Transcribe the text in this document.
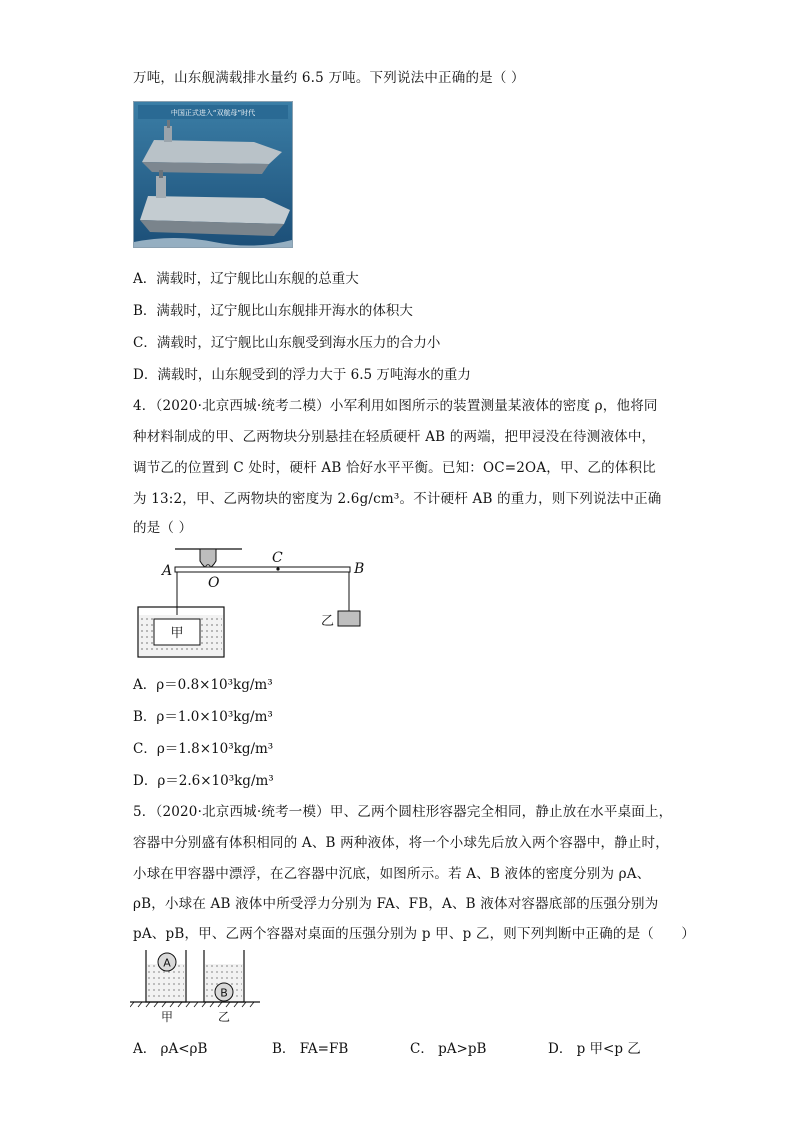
万吨，山东舰满载排水量约 6.5 万吨。下列说法中正确的是（ ）
中国正式进入“双航母”时代
A．满载时，辽宁舰比山东舰的总重大
B．满载时，辽宁舰比山东舰排开海水的体积大
C．满载时，辽宁舰比山东舰受到海水压力的合力小
D．满载时，山东舰受到的浮力大于 6.5 万吨海水的重力
4．（2020·北京西城·统考二模）小军利用如图所示的装置测量某液体的密度 ρ，他将同
种材料制成的甲、乙两物块分别悬挂在轻质硬杆 AB 的两端，把甲浸没在待测液体中，
调节乙的位置到 C 处时，硬杆 AB 恰好水平平衡。已知：OC=2OA，甲、乙的体积比
为 13:2，甲、乙两物块的密度为 2.6g/cm³。不计硬杆 AB 的重力，则下列说法中正确
的是（ ）
A
O
C
B
甲
乙
A．ρ＝0.8×10³kg/m³
B．ρ＝1.0×10³kg/m³
C．ρ＝1.8×10³kg/m³
D．ρ＝2.6×10³kg/m³
5．（2020·北京西城·统考一模）甲、乙两个圆柱形容器完全相同，静止放在水平桌面上，
容器中分别盛有体积相同的 A、B 两种液体，将一个小球先后放入两个容器中，静止时，
小球在甲容器中漂浮，在乙容器中沉底，如图所示。若 A、B 液体的密度分别为 ρA、
ρB，小球在 AB 液体中所受浮力分别为 FA、FB，A、B 液体对容器底部的压强分别为
pA、pB，甲、乙两个容器对桌面的压强分别为 p 甲、p 乙，则下列判断中正确的是（　　）
A
B
甲	乙
A． ρA<ρB	B． FA=FB	C． pA>pB	D． p 甲<p 乙
